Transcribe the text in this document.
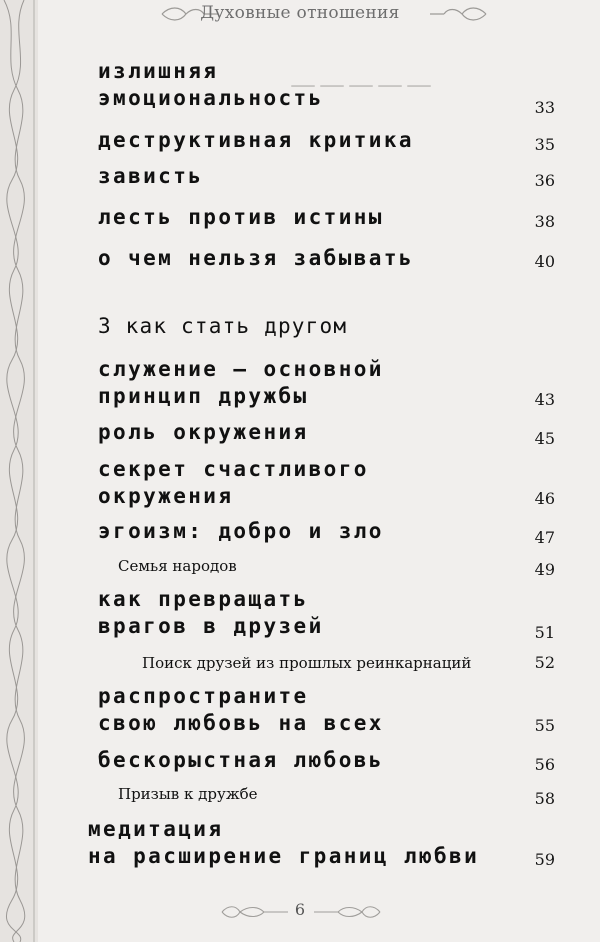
Духовные отношения
—————
излишняя
эмоциональность	33
деструктивная критика	35
зависть	36
лесть против истины	38
о чем нельзя забывать	40
3 как стать другом
служение – основной
принцип дружбы	43
роль окружения	45
секрет счастливого
окружения	46
эгоизм: добро и зло	47
Семья народов	49
как превращать
врагов в друзей	51
Поиск друзей из прошлых реинкарнаций	52
распространите
свою любовь на всех	55
бескорыстная любовь	56
Призыв к дружбе	58
медитация
на расширение границ любви	59
6
